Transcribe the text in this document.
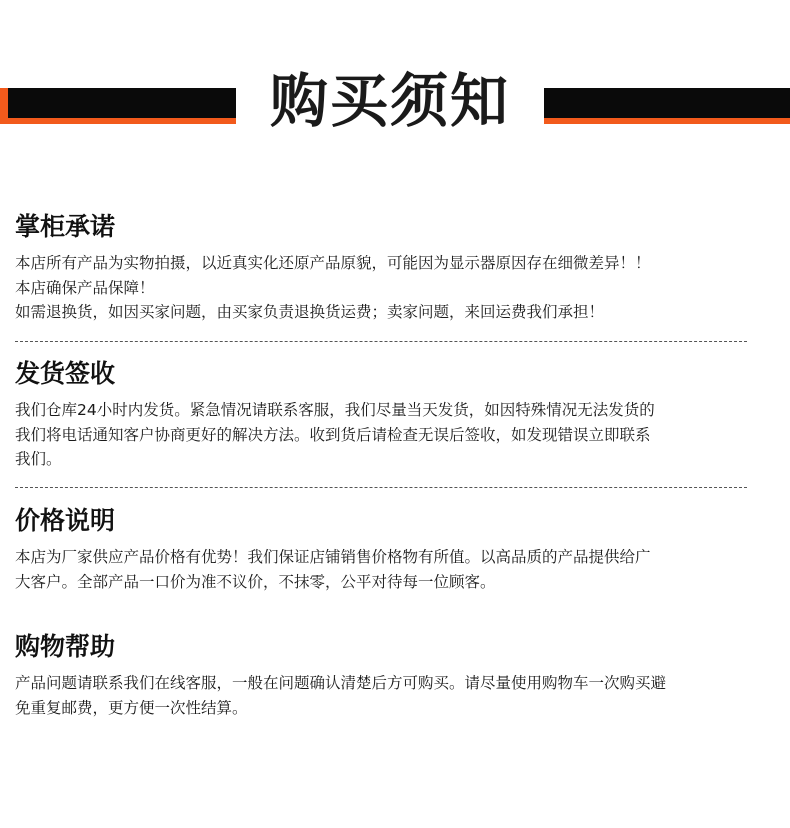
购买须知
掌柜承诺

本店所有产品为实物拍摄，以近真实化还原产品原貌，可能因为显示器原因存在细微差异！！

本店确保产品保障！

如需退换货，如因买家问题，由买家负责退换货运费；卖家问题，来回运费我们承担！

发货签收

我们仓库24小时内发货。紧急情况请联系客服，我们尽量当天发货，如因特殊情况无法发货的

我们将电话通知客户协商更好的解决方法。收到货后请检查无误后签收，如发现错误立即联系

我们。

价格说明

本店为厂家供应产品价格有优势！我们保证店铺销售价格物有所值。以高品质的产品提供给广

大客户。全部产品一口价为准不议价，不抹零，公平对待每一位顾客。

购物帮助

产品问题请联系我们在线客服，一般在问题确认清楚后方可购买。请尽量使用购物车一次购买避

免重复邮费，更方便一次性结算。
